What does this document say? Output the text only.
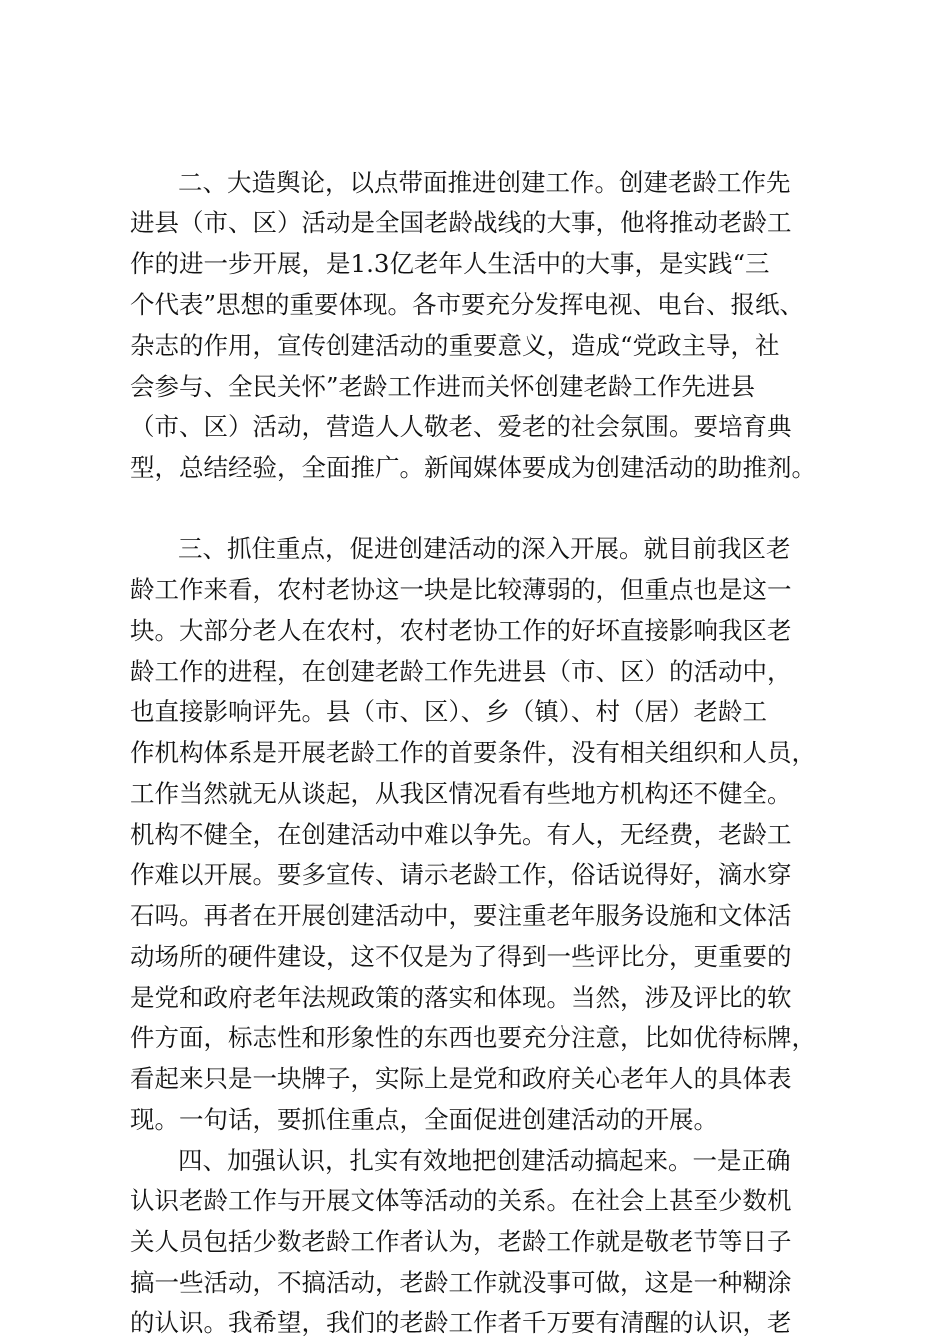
二、大造舆论，以点带面推进创建工作。创建老龄工作先
进县（市、区）活动是全国老龄战线的大事，他将推动老龄工
作的进一步开展，是1.3亿老年人生活中的大事，是实践“三
个代表”思想的重要体现。各市要充分发挥电视、电台、报纸、
杂志的作用，宣传创建活动的重要意义，造成“党政主导，社
会参与、全民关怀”老龄工作进而关怀创建老龄工作先进县
（市、区）活动，营造人人敬老、爱老的社会氛围。要培育典
型，总结经验，全面推广。新闻媒体要成为创建活动的助推剂。
三、抓住重点，促进创建活动的深入开展。就目前我区老
龄工作来看，农村老协这一块是比较薄弱的，但重点也是这一
块。大部分老人在农村，农村老协工作的好坏直接影响我区老
龄工作的进程，在创建老龄工作先进县（市、区）的活动中，
也直接影响评先。县（市、区）、乡（镇）、村（居）老龄工
作机构体系是开展老龄工作的首要条件，没有相关组织和人员，
工作当然就无从谈起，从我区情况看有些地方机构还不健全。
机构不健全，在创建活动中难以争先。有人，无经费，老龄工
作难以开展。要多宣传、请示老龄工作，俗话说得好，滴水穿
石吗。再者在开展创建活动中，要注重老年服务设施和文体活
动场所的硬件建设，这不仅是为了得到一些评比分，更重要的
是党和政府老年法规政策的落实和体现。当然，涉及评比的软
件方面，标志性和形象性的东西也要充分注意，比如优待标牌，
看起来只是一块牌子，实际上是党和政府关心老年人的具体表
现。一句话，要抓住重点，全面促进创建活动的开展。
四、加强认识，扎实有效地把创建活动搞起来。一是正确
认识老龄工作与开展文体等活动的关系。在社会上甚至少数机
关人员包括少数老龄工作者认为，老龄工作就是敬老节等日子
搞一些活动，不搞活动，老龄工作就没事可做，这是一种糊涂
的认识。我希望，我们的老龄工作者千万要有清醒的认识，老
